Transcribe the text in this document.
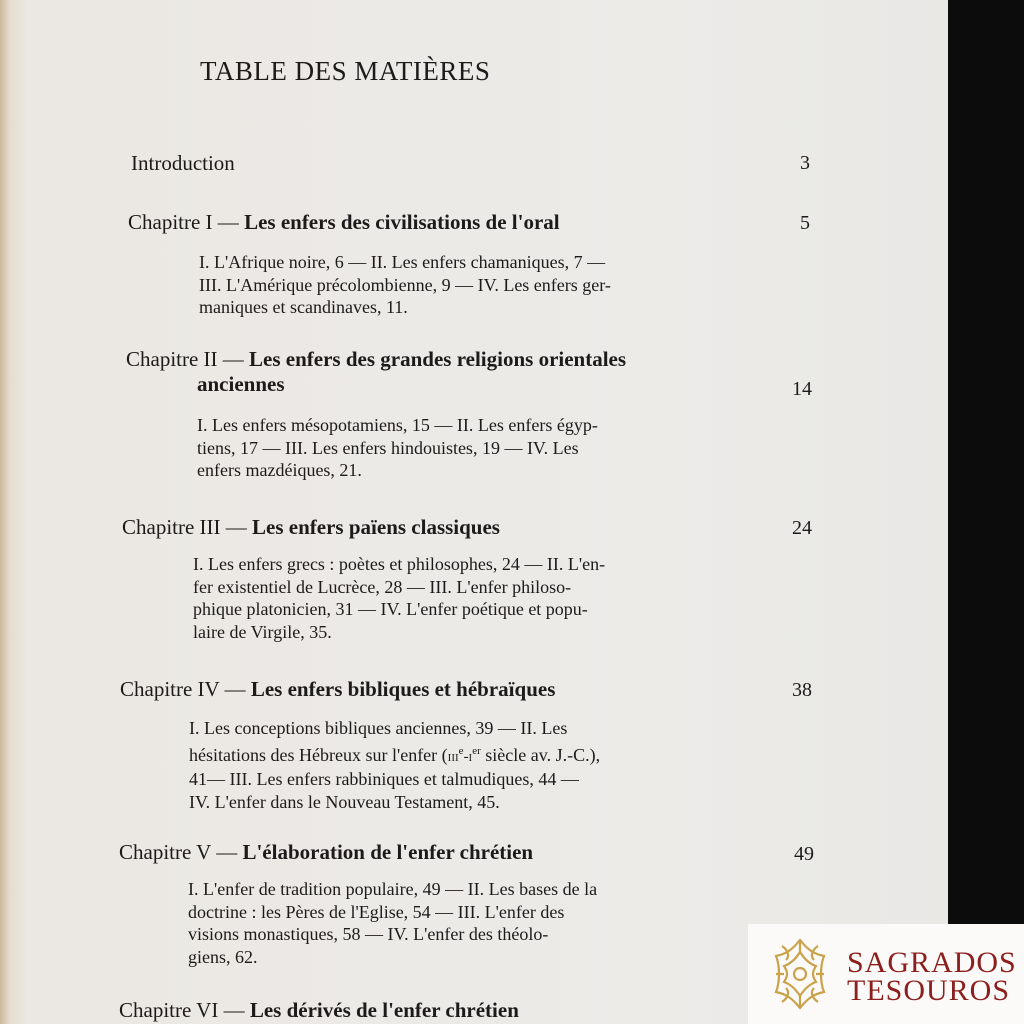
TABLE DES MATIÈRES
Introduction	3
Chapitre I — Les enfers des civilisations de l'oral	5
I. L'Afrique noire, 6 — II. Les enfers chamaniques, 7 —
III. L'Amérique précolombienne, 9 — IV. Les enfers ger-
maniques et scandinaves, 11.
Chapitre II — Les enfers des grandes religions orientales
anciennes	14
I. Les enfers mésopotamiens, 15 — II. Les enfers égyp-
tiens, 17 — III. Les enfers hindouistes, 19 — IV. Les
enfers mazdéiques, 21.
Chapitre III — Les enfers païens classiques	24
I. Les enfers grecs : poètes et philosophes, 24 — II. L'en-
fer existentiel de Lucrèce, 28 — III. L'enfer philoso-
phique platonicien, 31 — IV. L'enfer poétique et popu-
laire de Virgile, 35.
Chapitre IV — Les enfers bibliques et hébraïques	38
I. Les conceptions bibliques anciennes, 39 — II. Les
hésitations des Hébreux sur l'enfer ($iii^e-i^{er}$ siècle av. J.-C.),
41— III. Les enfers rabbiniques et talmudiques, 44 —
IV. L'enfer dans le Nouveau Testament, 45.
Chapitre V — L'élaboration de l'enfer chrétien	49
I. L'enfer de tradition populaire, 49 — II. Les bases de la
doctrine : les Pères de l'Eglise, 54 — III. L'enfer des
visions monastiques, 58 — IV. L'enfer des théolo-
giens, 62.
Chapitre VI — Les dérivés de l'enfer chrétien
SAGRADOS
TESOUROS
